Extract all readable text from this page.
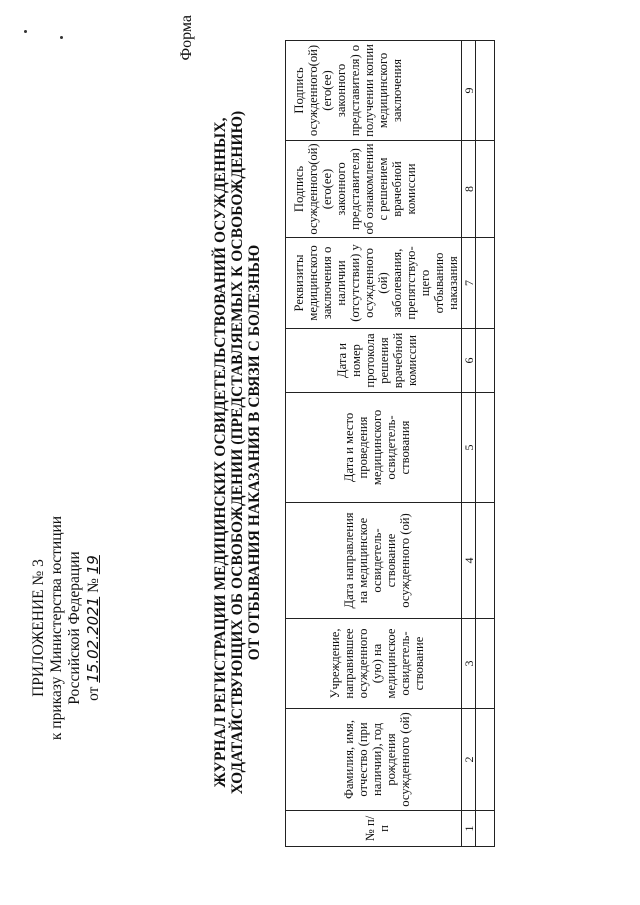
ПРИЛОЖЕНИЕ № 3 к приказу Министерства юстиции Российской Федерации от 15.02.2021 № 19
Форма
ЖУРНАЛ РЕГИСТРАЦИИ МЕДИЦИНСКИХ ОСВИДЕТЕЛЬСТВОВАНИЙ ОСУЖДЕННЫХ, ХОДАТАЙСТВУЮЩИХ ОБ ОСВОБОЖДЕНИИ (ПРЕДСТАВЛЯЕМЫХ К ОСВОБОЖДЕНИЮ) ОТ ОТБЫВАНИЯ НАКАЗАНИЯ В СВЯЗИ С БОЛЕЗНЬЮ
№ п/п	Фамилия, имя, отчество (при наличии), год рождения осужденного (ой)	Учреждение, направившее осужденного (ую) на медицинское освидетель-ствование	Дата направления на медицинское освидетель-ствование осужденного (ой)	Дата и место проведения медицинского освидетель-ствования	Дата и номер протокола решения врачебной комиссии	Реквизиты медицинского заключения о наличии (отсутствии) у осужденного (ой) заболевания, препятствую-щего отбыванию наказания	Подпись осужденного(ой) (его(ее) законного представителя) об ознакомлении с решением врачебной комиссии	Подпись осужденного(ой) (его(ее) законного представителя) о получении копии медицинского заключения
1	2	3	4	5	6	7	8	9
